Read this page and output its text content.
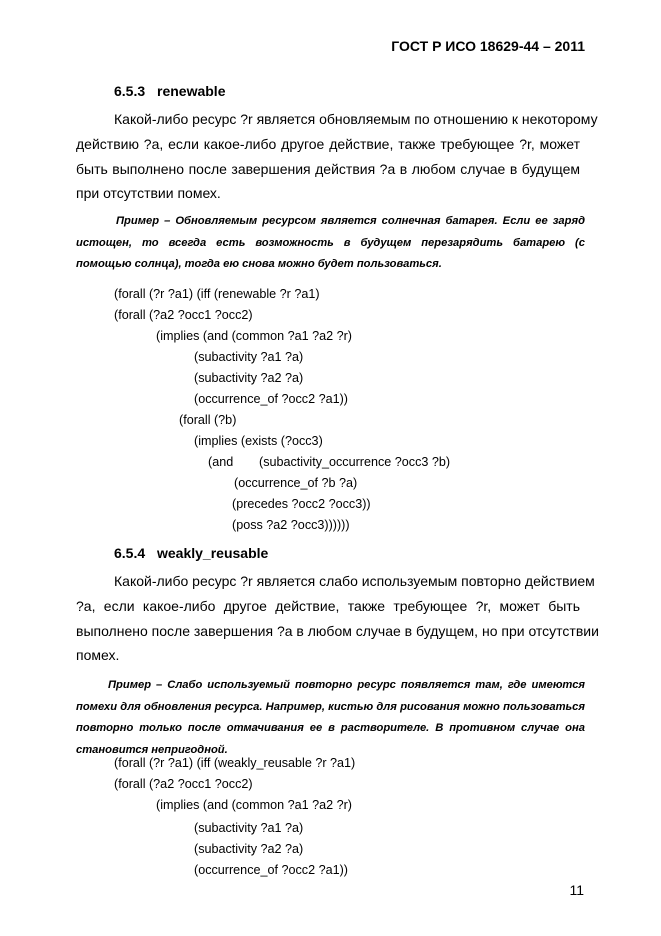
ГОСТ Р ИСО 18629-44 – 2011
6.5.3 renewable
Какой-либо ресурс ?r является обновляемым по отношению к некоторому
действию ?a, если какое-либо другое действие, также требующее ?r, может
быть выполнено после завершения действия ?a в любом случае в будущем
при отсутствии помех.
Пример – Обновляемым ресурсом является солнечная батарея. Если ее заряд
истощен, то всегда есть возможность в будущем перезарядить батарею (с
помощью солнца), тогда ею снова можно будет пользоваться.
(forall (?r ?a1) (iff (renewable ?r ?a1)
(forall (?a2 ?occ1 ?occ2)
(implies (and (common ?a1 ?a2 ?r)
(subactivity ?a1 ?a)
(subactivity ?a2 ?a)
(occurrence_of ?occ2 ?a1))
(forall (?b)
(implies (exists (?occ3)
(and (subactivity_occurrence ?occ3 ?b)
(occurrence_of ?b ?a)
(precedes ?occ2 ?occ3))
(poss ?a2 ?occ3))))))
6.5.4 weakly_reusable
Какой-либо ресурс ?r является слабо используемым повторно действием
?a, если какое-либо другое действие, также требующее ?r, может быть
выполнено после завершения ?a в любом случае в будущем, но при отсутствии
помех.
Пример – Слабо используемый повторно ресурс появляется там, где имеются
помехи для обновления ресурса. Например, кистью для рисования можно пользоваться
повторно только после отмачивания ее в растворителе. В противном случае она
становится непригодной.
(forall (?r ?a1) (iff (weakly_reusable ?r ?a1)
(forall (?a2 ?occ1 ?occ2)
(implies (and (common ?a1 ?a2 ?r)
(subactivity ?a1 ?a)
(subactivity ?a2 ?a)
(occurrence_of ?occ2 ?a1))
11
